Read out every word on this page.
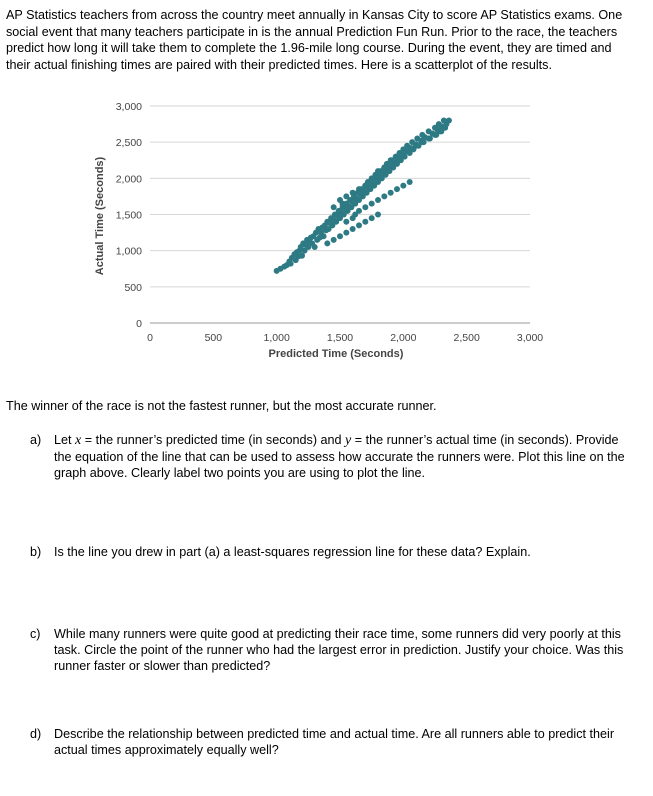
AP Statistics teachers from across the country meet annually in Kansas City to score AP Statistics exams. One social event that many teachers participate in is the annual Prediction Fun Run. Prior to the race, the teachers predict how long it will take them to complete the 1.96-mile long course. During the event, they are timed and their actual finishing times are paired with their predicted times. Here is a scatterplot of the results.

0
500
1,000
1,500
2,000
2,500
3,000
0	500	1,000	1,500	2,000	2,500	3,000
Predicted Time (Seconds)
Actual Time (Seconds)

The winner of the race is not the fastest runner, but the most accurate runner.

a) Let x = the runner’s predicted time (in seconds) and y = the runner’s actual time (in seconds). Provide the equation of the line that can be used to assess how accurate the runners were. Plot this line on the graph above. Clearly label two points you are using to plot the line.
b) Is the line you drew in part (a) a least-squares regression line for these data? Explain.
c) While many runners were quite good at predicting their race time, some runners did very poorly at this task. Circle the point of the runner who had the largest error in prediction. Justify your choice. Was this runner faster or slower than predicted?
d) Describe the relationship between predicted time and actual time. Are all runners able to predict their actual times approximately equally well?
